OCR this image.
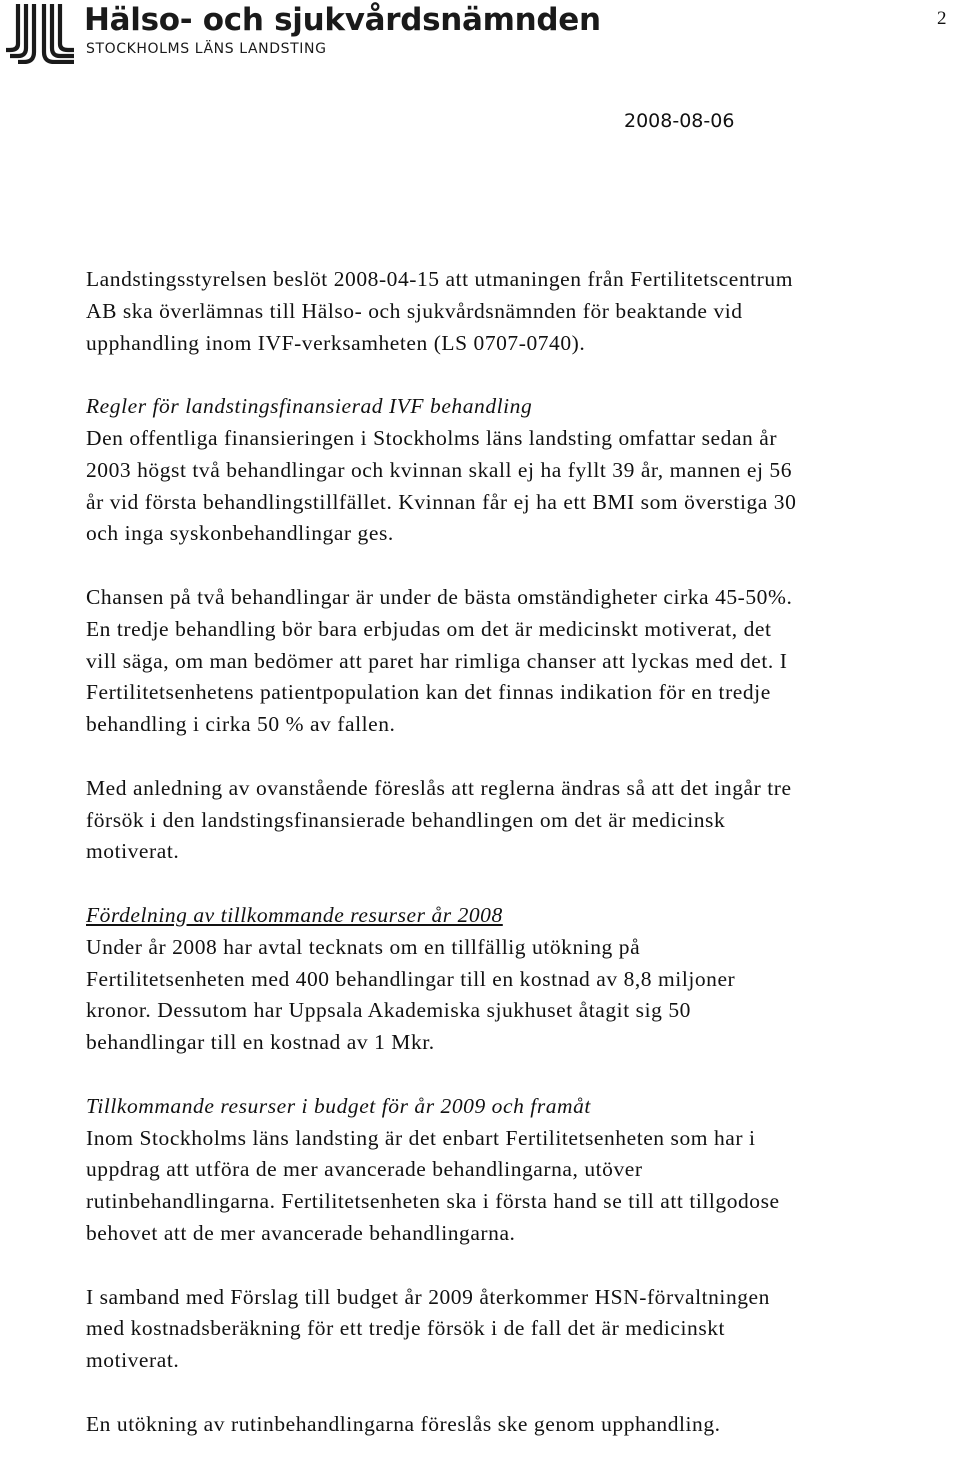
Hälso- och sjukvårdsnämnden
STOCKHOLMS LÄNS LANDSTING
2
2008-08-06

Landstingsstyrelsen beslöt 2008-04-15 att utmaningen från Fertilitetscentrum
AB ska överlämnas till Hälso- och sjukvårdsnämnden för beaktande vid
upphandling inom IVF-verksamheten (LS 0707-0740).

Regler för landstingsfinansierad IVF behandling
Den offentliga finansieringen i Stockholms läns landsting omfattar sedan år
2003 högst två behandlingar och kvinnan skall ej ha fyllt 39 år, mannen ej 56
år vid första behandlingstillfället. Kvinnan får ej ha ett BMI som överstiga 30
och inga syskonbehandlingar ges.

Chansen på två behandlingar är under de bästa omständigheter cirka 45-50%.
En tredje behandling bör bara erbjudas om det är medicinskt motiverat, det
vill säga, om man bedömer att paret har rimliga chanser att lyckas med det. I
Fertilitetsenhetens patientpopulation kan det finnas indikation för en tredje
behandling i cirka 50 % av fallen.

Med anledning av ovanstående föreslås att reglerna ändras så att det ingår tre
försök i den landstingsfinansierade behandlingen om det är medicinsk
motiverat.

Fördelning av tillkommande resurser år 2008
Under år 2008 har avtal tecknats om en tillfällig utökning på
Fertilitetsenheten med 400 behandlingar till en kostnad av 8,8 miljoner
kronor. Dessutom har Uppsala Akademiska sjukhuset åtagit sig 50
behandlingar till en kostnad av 1 Mkr.

Tillkommande resurser i budget för år 2009 och framåt
Inom Stockholms läns landsting är det enbart Fertilitetsenheten som har i
uppdrag att utföra de mer avancerade behandlingarna, utöver
rutinbehandlingarna. Fertilitetsenheten ska i första hand se till att tillgodose
behovet att de mer avancerade behandlingarna.

I samband med Förslag till budget år 2009 återkommer HSN-förvaltningen
med kostnadsberäkning för ett tredje försök i de fall det är medicinskt
motiverat.

En utökning av rutinbehandlingarna föreslås ske genom upphandling.
